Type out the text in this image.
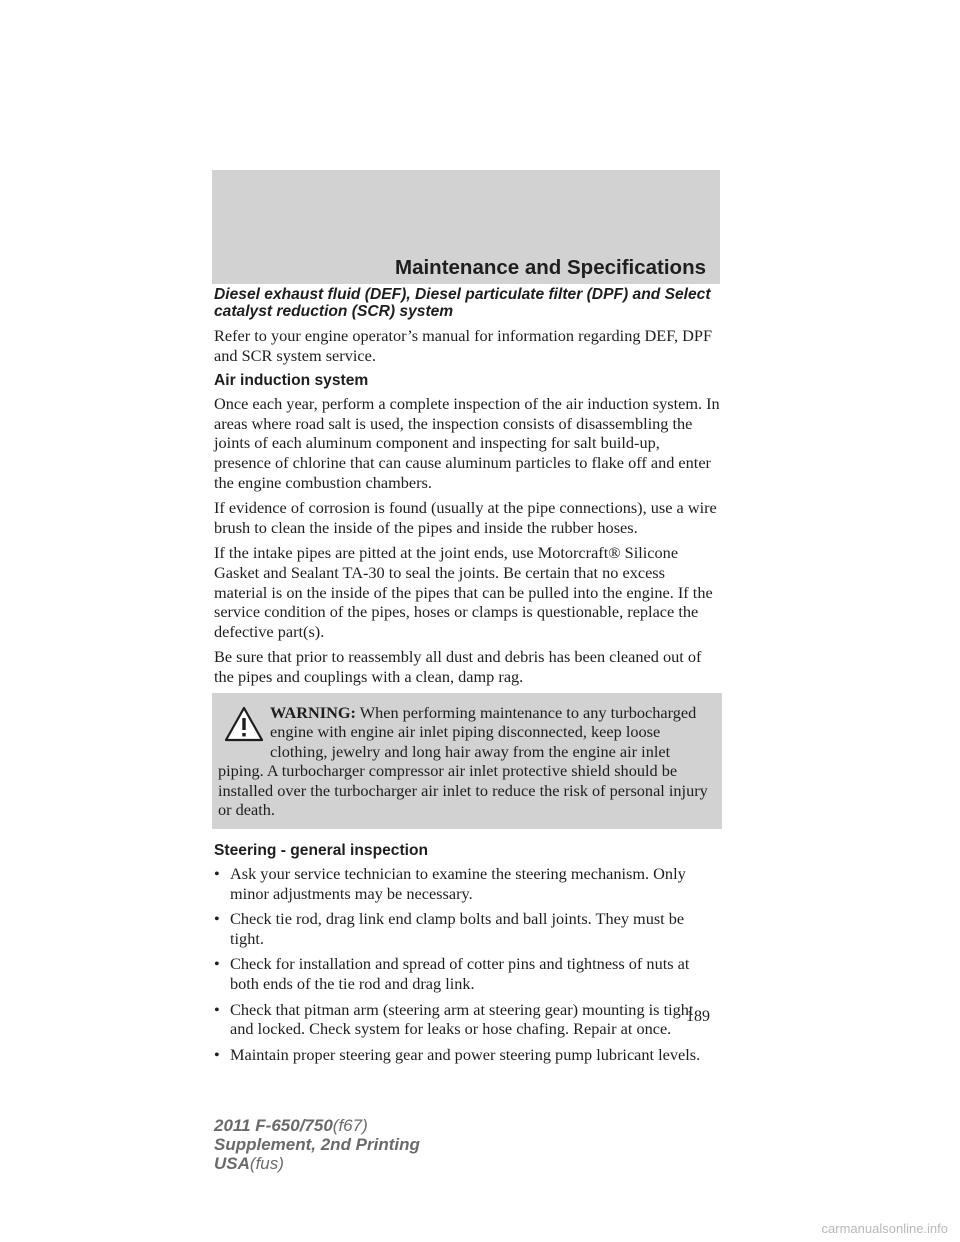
Maintenance and Specifications
Diesel exhaust fluid (DEF), Diesel particulate filter (DPF) and Select catalyst reduction (SCR) system
Refer to your engine operator’s manual for information regarding DEF, DPF and SCR system service.
Air induction system
Once each year, perform a complete inspection of the air induction system. In areas where road salt is used, the inspection consists of disassembling the joints of each aluminum component and inspecting for salt build-up, presence of chlorine that can cause aluminum particles to flake off and enter the engine combustion chambers.
If evidence of corrosion is found (usually at the pipe connections), use a wire brush to clean the inside of the pipes and inside the rubber hoses.
If the intake pipes are pitted at the joint ends, use Motorcraft® Silicone Gasket and Sealant TA-30 to seal the joints. Be certain that no excess material is on the inside of the pipes that can be pulled into the engine. If the service condition of the pipes, hoses or clamps is questionable, replace the defective part(s).
Be sure that prior to reassembly all dust and debris has been cleaned out of the pipes and couplings with a clean, damp rag.
WARNING: When performing maintenance to any turbocharged engine with engine air inlet piping disconnected, keep loose clothing, jewelry and long hair away from the engine air inlet piping. A turbocharger compressor air inlet protective shield should be installed over the turbocharger air inlet to reduce the risk of personal injury or death.
Steering - general inspection
• Ask your service technician to examine the steering mechanism. Only minor adjustments may be necessary.
• Check tie rod, drag link end clamp bolts and ball joints. They must be tight.
• Check for installation and spread of cotter pins and tightness of nuts at both ends of the tie rod and drag link.
• Check that pitman arm (steering arm at steering gear) mounting is tight and locked. Check system for leaks or hose chafing. Repair at once.
• Maintain proper steering gear and power steering pump lubricant levels.
189
2011 F-650/750(f67)
Supplement, 2nd Printing
USA(fus)
carmanualsonline.info
